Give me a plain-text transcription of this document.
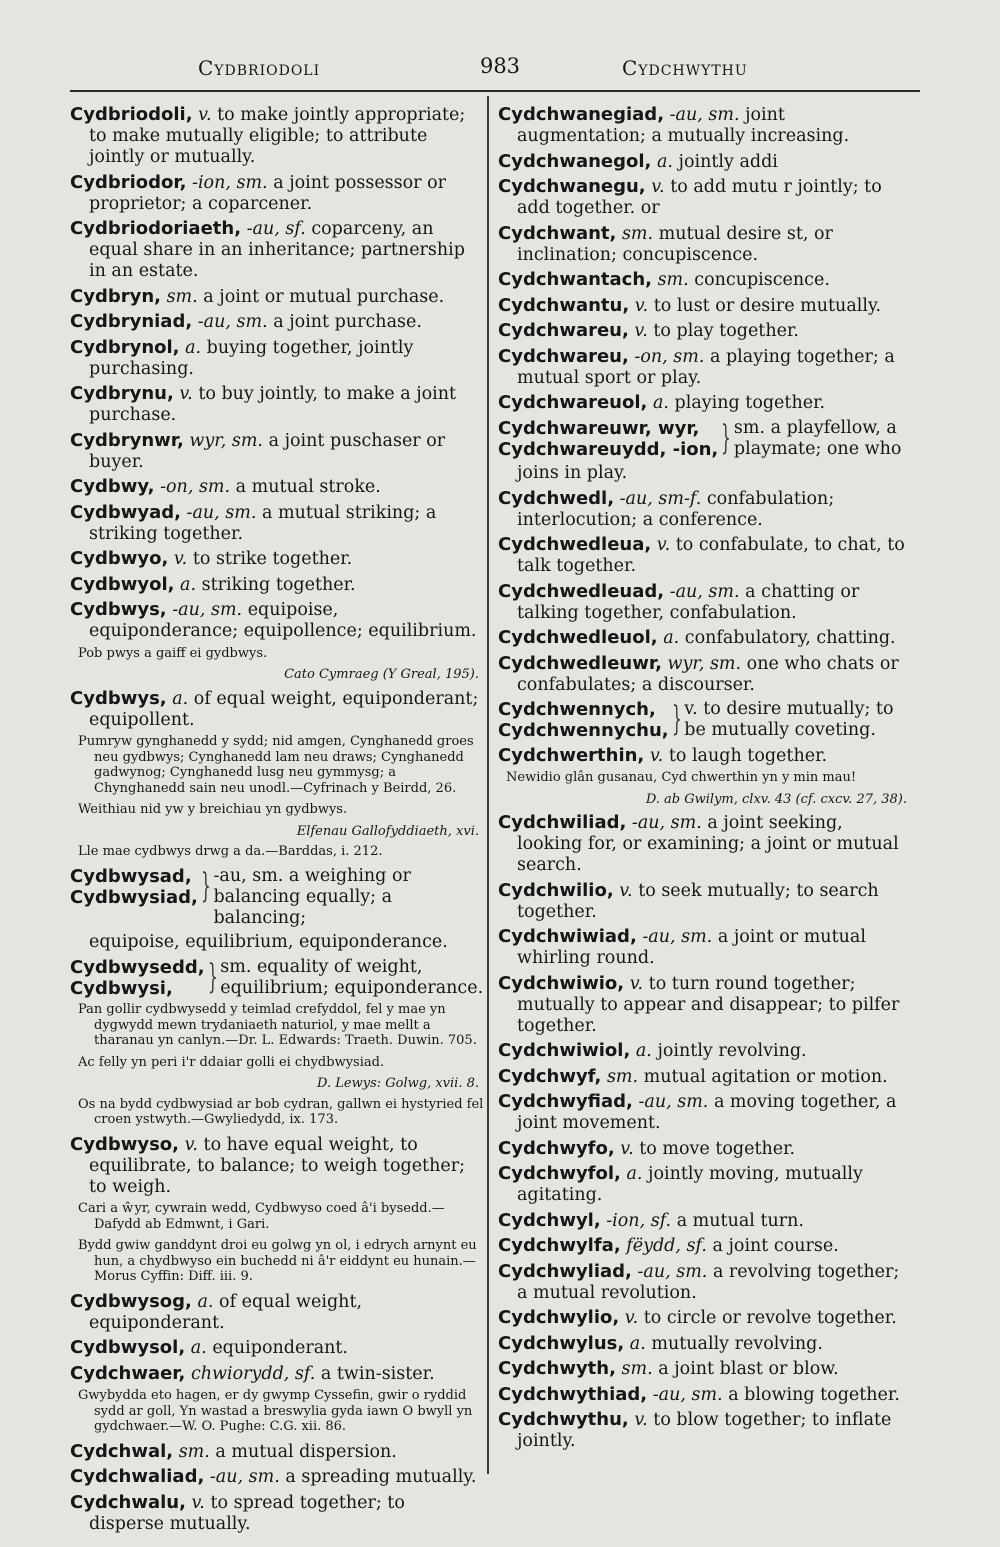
983
Cydbriodoli	Cydchwythu
Cydbriodoli, v. to make jointly appropriate; to make mutually eligible; to attribute jointly or mutually.
Cydbriodor, -ion, sm. a joint possessor or proprietor; a coparcener.
Cydbriodoriaeth, -au, sf. coparceny, an equal share in an inheritance; partnership in an estate.
Cydbryn, sm. a joint or mutual purchase.
Cydbryniad, -au, sm. a joint purchase.
Cydbrynol, a. buying together, jointly purchasing.
Cydbrynu, v. to buy jointly, to make a joint purchase.
Cydbrynwr, wyr, sm. a joint puschaser or buyer.
Cydbwy, -on, sm. a mutual stroke.
Cydbwyad, -au, sm. a mutual striking; a striking together.
Cydbwyo, v. to strike together.
Cydbwyol, a. striking together.
Cydbwys, -au, sm. equipoise, equiponderance; equipollence; equilibrium.
Pob pwys a gaiff ei gydbwys.
Cato Cymraeg (Y Greal, 195).
Cydbwys, a. of equal weight, equiponderant; equipollent.
Pumryw gynghanedd y sydd; nid amgen, Cynghanedd groes neu gydbwys; Cynghanedd lam neu draws; Cynghanedd gadwynog; Cynghanedd lusg neu gymmysg; a Chynghanedd sain neu unodl.—Cyfrinach y Beirdd, 26.
Weithiau nid yw y breichiau yn gydbwys.
Elfenau Gallofyddiaeth, xvi.
Lle mae cydbwys drwg a da.—Barddas, i. 212.
Cydbwysad,
Cydbwysiad, } -au, sm. a weighing or balancing equally; a balancing;
equipoise, equilibrium, equiponderance.
Cydbwysedd,
Cydbwysi,	} sm. equality of weight, equilibrium; equiponderance.
Pan gollir cydbwysedd y teimlad crefyddol, fel y mae yn dygwydd mewn trydaniaeth naturiol, y mae mellt a tharanau yn canlyn.—Dr. L. Edwards: Traeth. Duwin. 705.
Ac felly yn peri i'r ddaiar golli ei chydbwysiad.
D. Lewys: Golwg, xvii. 8.
Os na bydd cydbwysiad ar bob cydran, gallwn ei hystyried fel croen ystwyth.—Gwyliedydd, ix. 173.
Cydbwyso, v. to have equal weight, to equilibrate, to balance; to weigh together; to weigh.
Cari a ŵyr, cywrain wedd, Cydbwyso coed â'i bysedd.—Dafydd ab Edmwnt, i Gari.
Bydd gwiw ganddynt droi eu golwg yn ol, i edrych arnynt eu hun, a chydbwyso ein buchedd ni â'r eiddynt eu hunain.—Morus Cyffin: Diff. iii. 9.
Cydbwysog, a. of equal weight, equiponderant.
Cydbwysol, a. equiponderant.
Cydchwaer, chwiorydd, sf. a twin-sister.
Gwybydda eto hagen, er dy gwymp Cyssefin, gwir o ryddid sydd ar goll, Yn wastad a breswylia gyda iawn O bwyll yn gydchwaer.—W. O. Pughe: C.G. xii. 86.
Cydchwal, sm. a mutual dispersion.
Cydchwaliad, -au, sm. a spreading mutually.
Cydchwalu, v. to spread together; to disperse mutually.
Cydchwanegiad, -au, sm. joint augmentation; a mutually increasing.
Cydchwanegol, a. jointly addi
Cydchwanegu, v. to add mutu r jointly; to add together. or
Cydchwant, sm. mutual desire st, or inclination; concupiscence.
Cydchwantach, sm. concupiscence.
Cydchwantu, v. to lust or desire mutually.
Cydchwareu, v. to play together.
Cydchwareu, -on, sm. a playing together; a mutual sport or play.
Cydchwareuol, a. playing together.
Cydchwareuwr, wyr,
Cydchwareuydd, -ion, } sm. a playfellow, a playmate; one who
joins in play.
Cydchwedl, -au, sm-f. confabulation; interlocution; a conference.
Cydchwedleua, v. to confabulate, to chat, to talk together.
Cydchwedleuad, -au, sm. a chatting or talking together, confabulation.
Cydchwedleuol, a. confabulatory, chatting.
Cydchwedleuwr, wyr, sm. one who chats or confabulates; a discourser.
Cydchwennych,
Cydchwennychu, } v. to desire mutually; to be mutually coveting.
Cydchwerthin, v. to laugh together.
Newidio glân gusanau, Cyd chwerthin yn y min mau!
D. ab Gwilym, clxv. 43 (cf. cxcv. 27, 38).
Cydchwiliad, -au, sm. a joint seeking, looking for, or examining; a joint or mutual search.
Cydchwilio, v. to seek mutually; to search together.
Cydchwiwiad, -au, sm. a joint or mutual whirling round.
Cydchwiwio, v. to turn round together; mutually to appear and disappear; to pilfer together.
Cydchwiwiol, a. jointly revolving.
Cydchwyf, sm. mutual agitation or motion.
Cydchwyfiad, -au, sm. a moving together, a joint movement.
Cydchwyfo, v. to move together.
Cydchwyfol, a. jointly moving, mutually agitating.
Cydchwyl, -ion, sf. a mutual turn.
Cydchwylfa, fëydd, sf. a joint course.
Cydchwyliad, -au, sm. a revolving together; a mutual revolution.
Cydchwylio, v. to circle or revolve together.
Cydchwylus, a. mutually revolving.
Cydchwyth, sm. a joint blast or blow.
Cydchwythiad, -au, sm. a blowing together.
Cydchwythu, v. to blow together; to inflate jointly.
